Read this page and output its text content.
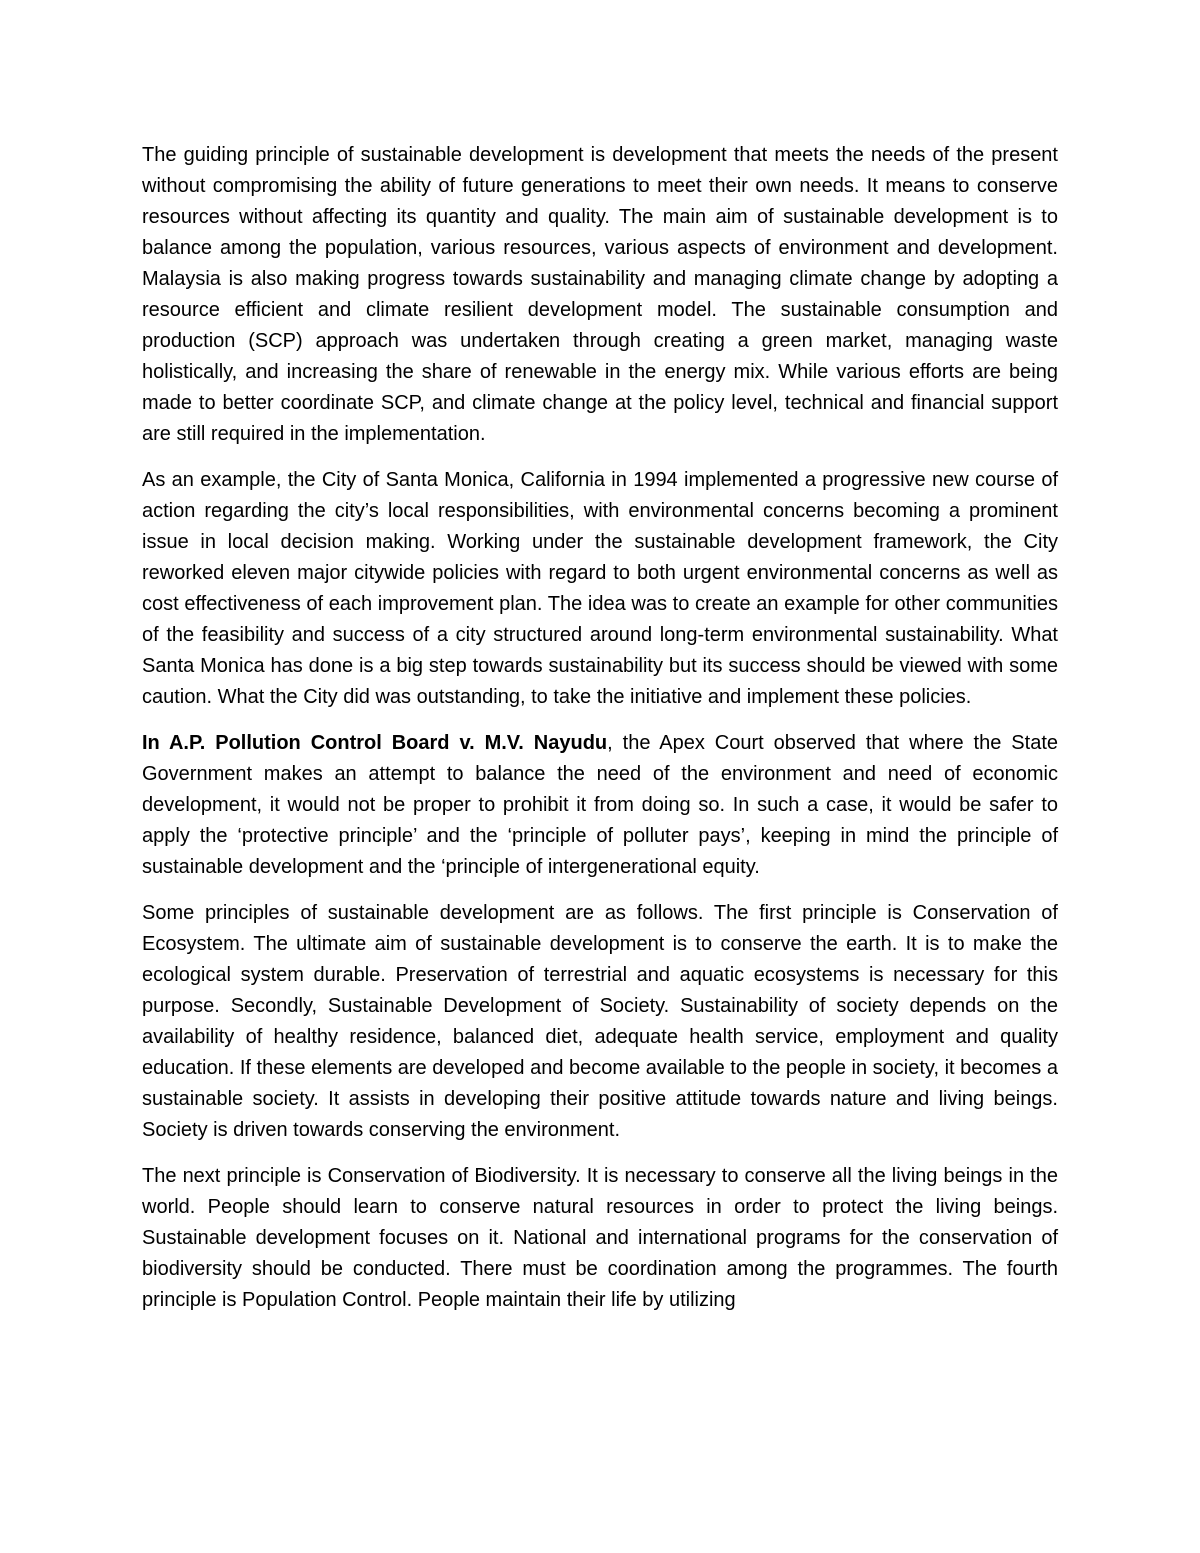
The guiding principle of sustainable development is development that meets the needs of the present without compromising the ability of future generations to meet their own needs. It means to conserve resources without affecting its quantity and quality. The main aim of sustainable development is to balance among the population, various resources, various aspects of environment and development. Malaysia is also making progress towards sustainability and managing climate change by adopting a resource efficient and climate resilient development model. The sustainable consumption and production (SCP) approach was undertaken through creating a green market, managing waste holistically, and increasing the share of renewable in the energy mix. While various efforts are being made to better coordinate SCP, and climate change at the policy level, technical and financial support are still required in the implementation.

As an example, the City of Santa Monica, California in 1994 implemented a progressive new course of action regarding the city’s local responsibilities, with environmental concerns becoming a prominent issue in local decision making. Working under the sustainable development framework, the City reworked eleven major citywide policies with regard to both urgent environmental concerns as well as cost effectiveness of each improvement plan. The idea was to create an example for other communities of the feasibility and success of a city structured around long-term environmental sustainability. What Santa Monica has done is a big step towards sustainability but its success should be viewed with some caution. What the City did was outstanding, to take the initiative and implement these policies.

In A.P. Pollution Control Board v. M.V. Nayudu, the Apex Court observed that where the State Government makes an attempt to balance the need of the environment and need of economic development, it would not be proper to prohibit it from doing so. In such a case, it would be safer to apply the ‘protective principle’ and the ‘principle of polluter pays’, keeping in mind the principle of sustainable development and the ‘principle of intergenerational equity.

Some principles of sustainable development are as follows. The first principle is Conservation of Ecosystem. The ultimate aim of sustainable development is to conserve the earth. It is to make the ecological system durable. Preservation of terrestrial and aquatic ecosystems is necessary for this purpose. Secondly, Sustainable Development of Society. Sustainability of society depends on the availability of healthy residence, balanced diet, adequate health service, employment and quality education. If these elements are developed and become available to the people in society, it becomes a sustainable society. It assists in developing their positive attitude towards nature and living beings. Society is driven towards conserving the environment.

The next principle is Conservation of Biodiversity. It is necessary to conserve all the living beings in the world. People should learn to conserve natural resources in order to protect the living beings. Sustainable development focuses on it. National and international programs for the conservation of biodiversity should be conducted. There must be coordination among the programmes. The fourth principle is Population Control. People maintain their life by utilizing
